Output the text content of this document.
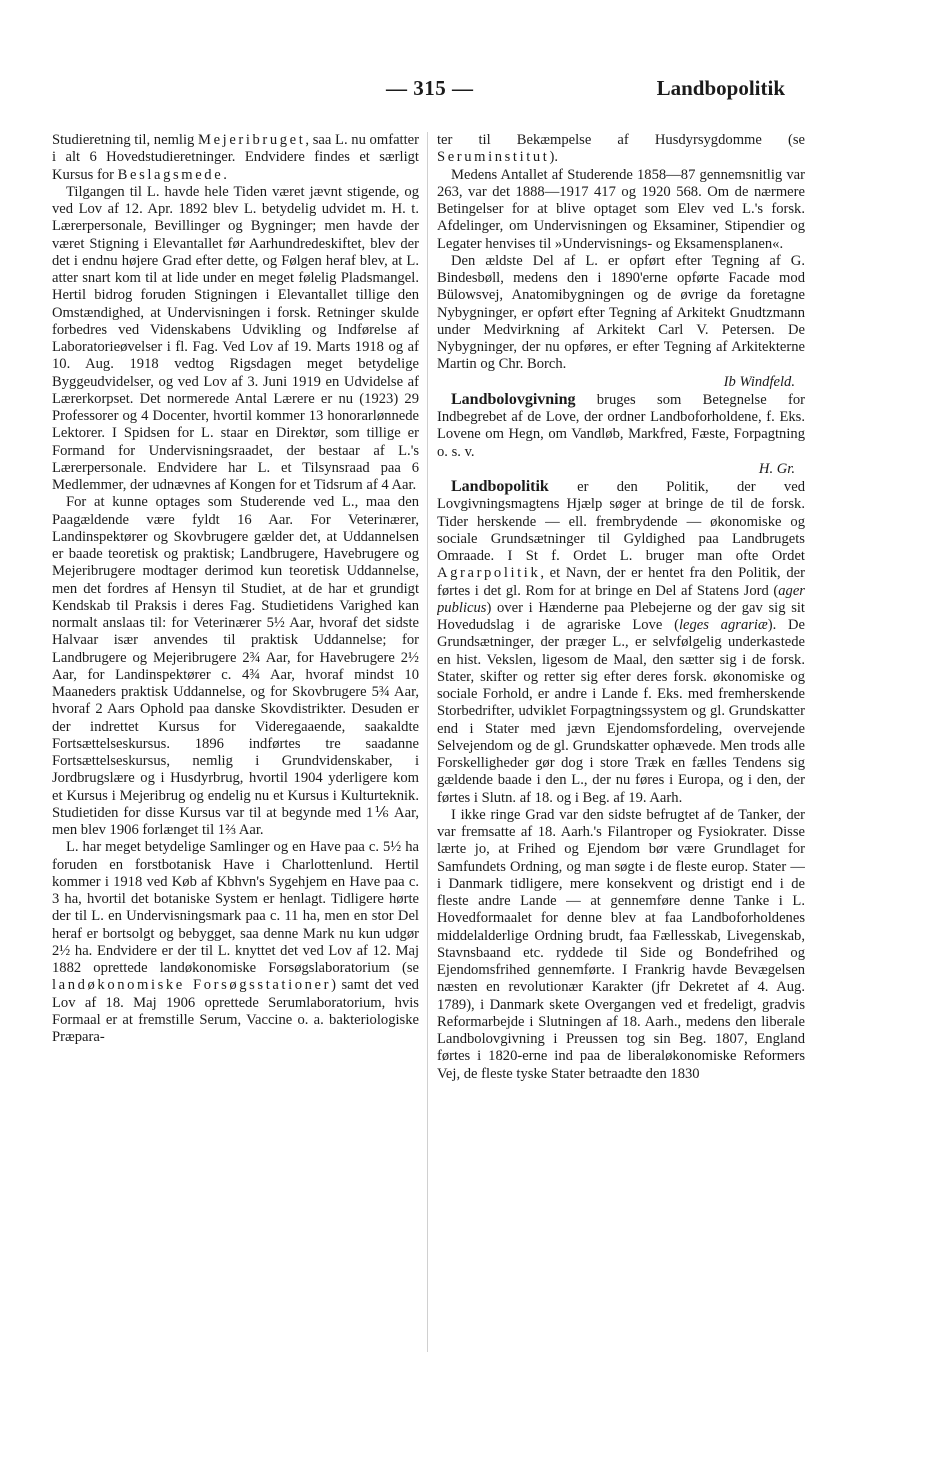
— 315 —	Landbopolitik

Studieretning til, nemlig Mejeribruget, saa L. nu omfatter i alt 6 Hovedstudieretninger. Endvidere findes et særligt Kursus for Beslagsmede.

Tilgangen til L. havde hele Tiden været jævnt stigende, og ved Lov af 12. Apr. 1892 blev L. betydelig udvidet m. H. t. Lærerpersonale, Bevillinger og Bygninger; men havde der været Stigning i Elevantallet før Aarhundredeskiftet, blev der det i endnu højere Grad efter dette, og Følgen heraf blev, at L. atter snart kom til at lide under en meget følelig Pladsmangel. Hertil bidrog foruden Stigningen i Elevantallet tillige den Omstændighed, at Undervisningen i forsk. Retninger skulde forbedres ved Videnskabens Udvikling og Indførelse af Laboratorieøvelser i fl. Fag. Ved Lov af 19. Marts 1918 og af 10. Aug. 1918 vedtog Rigsdagen meget betydelige Byggeudvidelser, og ved Lov af 3. Juni 1919 en Udvidelse af Lærerkorpset. Det normerede Antal Lærere er nu (1923) 29 Professorer og 4 Docenter, hvortil kommer 13 honorarlønnede Lektorer. I Spidsen for L. staar en Direktør, som tillige er Formand for Undervisningsraadet, der bestaar af L.'s Lærerpersonale. Endvidere har L. et Tilsynsraad paa 6 Medlemmer, der udnævnes af Kongen for et Tidsrum af 4 Aar.

For at kunne optages som Studerende ved L., maa den Paagældende være fyldt 16 Aar. For Veterinærer, Landinspektører og Skovbrugere gælder det, at Uddannelsen er baade teoretisk og praktisk; Landbrugere, Havebrugere og Mejeribrugere modtager derimod kun teoretisk Uddannelse, men det fordres af Hensyn til Studiet, at de har et grundigt Kendskab til Praksis i deres Fag. Studietidens Varighed kan normalt anslaas til: for Veterinærer 5½ Aar, hvoraf det sidste Halvaar især anvendes til praktisk Uddannelse; for Landbrugere og Mejeribrugere 2¾ Aar, for Havebrugere 2½ Aar, for Landinspektører c. 4¾ Aar, hvoraf mindst 10 Maaneders praktisk Uddannelse, og for Skovbrugere 5¾ Aar, hvoraf 2 Aars Ophold paa danske Skovdistrikter. Desuden er der indrettet Kursus for Videregaaende, saakaldte Fortsættelseskursus. 1896 indførtes tre saadanne Fortsættelseskursus, nemlig i Grundvidenskaber, i Jordbrugslære og i Husdyrbrug, hvortil 1904 yderligere kom et Kursus i Mejeribrug og endelig nu et Kursus i Kulturteknik. Studietiden for disse Kursus var til at begynde med 1⅙ Aar, men blev 1906 forlænget til 1⅔ Aar.

L. har meget betydelige Samlinger og en Have paa c. 5½ ha foruden en forstbotanisk Have i Charlottenlund. Hertil kommer i 1918 ved Køb af Kbhvn's Sygehjem en Have paa c. 3 ha, hvortil det botaniske System er henlagt. Tidligere hørte der til L. en Undervisningsmark paa c. 11 ha, men en stor Del heraf er bortsolgt og bebygget, saa denne Mark nu kun udgør 2½ ha. Endvidere er der til L. knyttet det ved Lov af 12. Maj 1882 oprettede landøkonomiske Forsøgslaboratorium (se landøkonomiske Forsøgsstationer) samt det ved Lov af 18. Maj 1906 oprettede Serumlaboratorium, hvis Formaal er at fremstille Serum, Vaccine o. a. bakteriologiske Præpara-

ter til Bekæmpelse af Husdyrsygdomme (se Seruminstitut).

Medens Antallet af Studerende 1858—87 gennemsnitlig var 263, var det 1888—1917 417 og 1920 568. Om de nærmere Betingelser for at blive optaget som Elev ved L.'s forsk. Afdelinger, om Undervisningen og Eksaminer, Stipendier og Legater henvises til »Undervisnings- og Eksamensplanen«.

Den ældste Del af L. er opført efter Tegning af G. Bindesbøll, medens den i 1890'erne opførte Facade mod Bülowsvej, Anatomibygningen og de øvrige da foretagne Nybygninger, er opført efter Tegning af Arkitekt Gnudtzmann under Medvirkning af Arkitekt Carl V. Petersen. De Nybygninger, der nu opføres, er efter Tegning af Arkitekterne Martin og Chr. Borch.

Ib Windfeld.

Landbolovgivning bruges som Betegnelse for Indbegrebet af de Love, der ordner Landboforholdene, f. Eks. Lovene om Hegn, om Vandløb, Markfred, Fæste, Forpagtning o. s. v.

H. Gr.

Landbopolitik er den Politik, der ved Lovgivningsmagtens Hjælp søger at bringe de til de forsk. Tider herskende — ell. frembrydende — økonomiske og sociale Grundsætninger til Gyldighed paa Landbrugets Omraade. I St f. Ordet L. bruger man ofte Ordet Agrarpolitik, et Navn, der er hentet fra den Politik, der førtes i det gl. Rom for at bringe en Del af Statens Jord (ager publicus) over i Hænderne paa Plebejerne og der gav sig sit Hovedudslag i de agrariske Love (leges agrariæ). De Grundsætninger, der præger L., er selvfølgelig underkastede en hist. Vekslen, ligesom de Maal, den sætter sig i de forsk. Stater, skifter og retter sig efter deres forsk. økonomiske og sociale Forhold, er andre i Lande f. Eks. med fremherskende Storbedrifter, udviklet Forpagtningssystem og gl. Grundskatter end i Stater med jævn Ejendomsfordeling, overvejende Selvejendom og de gl. Grundskatter ophævede. Men trods alle Forskelligheder gør dog i store Træk en fælles Tendens sig gældende baade i den L., der nu føres i Europa, og i den, der førtes i Slutn. af 18. og i Beg. af 19. Aarh.

I ikke ringe Grad var den sidste befrugtet af de Tanker, der var fremsatte af 18. Aarh.'s Filantroper og Fysiokrater. Disse lærte jo, at Frihed og Ejendom bør være Grundlaget for Samfundets Ordning, og man søgte i de fleste europ. Stater — i Danmark tidligere, mere konsekvent og dristigt end i de fleste andre Lande — at gennemføre denne Tanke i L. Hovedformaalet for denne blev at faa Landboforholdenes middelalderlige Ordning brudt, faa Fællesskab, Livegenskab, Stavnsbaand etc. ryddede til Side og Bondefrihed og Ejendomsfrihed gennemførte. I Frankrig havde Bevægelsen næsten en revolutionær Karakter (jfr Dekretet af 4. Aug. 1789), i Danmark skete Overgangen ved et fredeligt, gradvis Reformarbejde i Slutningen af 18. Aarh., medens den liberale Landbolovgivning i Preussen tog sin Beg. 1807, England førtes i 1820-erne ind paa de liberaløkonomiske Reformers Vej, de fleste tyske Stater betraadte den 1830
